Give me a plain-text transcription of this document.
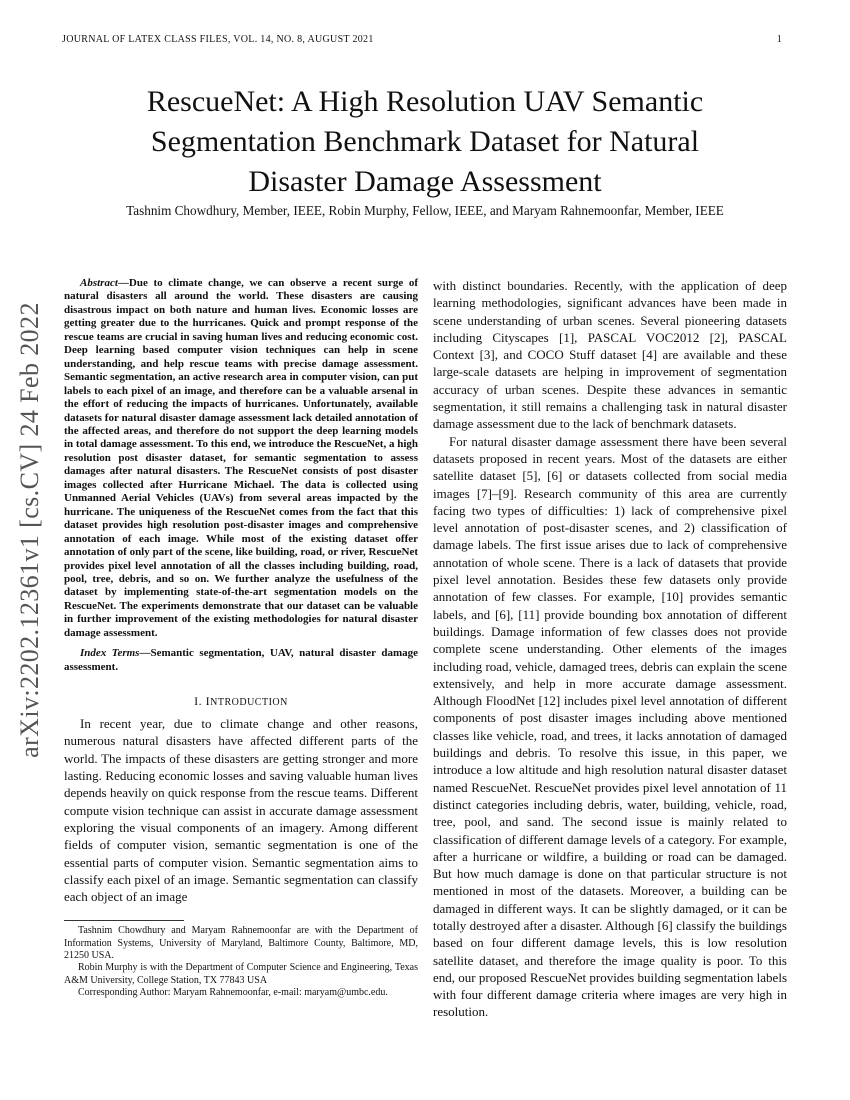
JOURNAL OF LATEX CLASS FILES, VOL. 14, NO. 8, AUGUST 2021	1
RescueNet: A High Resolution UAV Semantic
Segmentation Benchmark Dataset for Natural
Disaster Damage Assessment
Tashnim Chowdhury, Member, IEEE, Robin Murphy, Fellow, IEEE, and Maryam Rahnemoonfar, Member, IEEE
arXiv:2202.12361v1 [cs.CV] 24 Feb 2022

Abstract—Due to climate change, we can observe a recent surge of natural disasters all around the world. These disasters are causing disastrous impact on both nature and human lives. Economic losses are getting greater due to the hurricanes. Quick and prompt response of the rescue teams are crucial in saving human lives and reducing economic cost. Deep learning based computer vision techniques can help in scene understanding, and help rescue teams with precise damage assessment. Semantic segmentation, an active research area in computer vision, can put labels to each pixel of an image, and therefore can be a valuable arsenal in the effort of reducing the impacts of hurricanes. Unfortunately, available datasets for natural disaster damage assessment lack detailed annotation of the affected areas, and therefore do not support the deep learning models in total damage assessment. To this end, we introduce the RescueNet, a high resolution post disaster dataset, for semantic segmentation to assess damages after natural disasters. The RescueNet consists of post disaster images collected after Hurricane Michael. The data is collected using Unmanned Aerial Vehicles (UAVs) from several areas impacted by the hurricane. The uniqueness of the RescueNet comes from the fact that this dataset provides high resolution post-disaster images and comprehensive annotation of each image. While most of the existing dataset offer annotation of only part of the scene, like building, road, or river, RescueNet provides pixel level annotation of all the classes including building, road, pool, tree, debris, and so on. We further analyze the usefulness of the dataset by implementing state-of-the-art segmentation models on the RescueNet. The experiments demonstrate that our dataset can be valuable in further improvement of the existing methodologies for natural disaster damage assessment.

Index Terms—Semantic segmentation, UAV, natural disaster damage assessment.

I. INTRODUCTION

In recent year, due to climate change and other reasons, numerous natural disasters have affected different parts of the world. The impacts of these disasters are getting stronger and more lasting. Reducing economic losses and saving valuable human lives depends heavily on quick response from the rescue teams. Different compute vision technique can assist in accurate damage assessment exploring the visual components of an imagery. Among different fields of computer vision, semantic segmentation is one of the essential parts of computer vision. Semantic segmentation aims to classify each pixel of an image. Semantic segmentation can classify each object of an image

Tashnim Chowdhury and Maryam Rahnemoonfar are with the Department of Information Systems, University of Maryland, Baltimore County, Baltimore, MD, 21250 USA.

Robin Murphy is with the Department of Computer Science and Engineering, Texas A&M University, College Station, TX 77843 USA

Corresponding Author: Maryam Rahnemoonfar, e-mail: maryam@umbc.edu.

with distinct boundaries. Recently, with the application of deep learning methodologies, significant advances have been made in scene understanding of urban scenes. Several pioneering datasets including Cityscapes [1], PASCAL VOC2012 [2], PASCAL Context [3], and COCO Stuff dataset [4] are available and these large-scale datasets are helping in improvement of segmentation accuracy of urban scenes. Despite these advances in semantic segmentation, it still remains a challenging task in natural disaster damage assessment due to the lack of benchmark datasets.

For natural disaster damage assessment there have been several datasets proposed in recent years. Most of the datasets are either satellite dataset [5], [6] or datasets collected from social media images [7]–[9]. Research community of this area are currently facing two types of difficulties: 1) lack of comprehensive pixel level annotation of post-disaster scenes, and 2) classification of damage labels. The first issue arises due to lack of comprehensive annotation of whole scene. There is a lack of datasets that provide pixel level annotation. Besides these few datasets only provide annotation of few classes. For example, [10] provides semantic labels, and [6], [11] provide bounding box annotation of different buildings. Damage information of few classes does not provide complete scene understanding. Other elements of the images including road, vehicle, damaged trees, debris can explain the scene extensively, and help in more accurate damage assessment. Although FloodNet [12] includes pixel level annotation of different components of post disaster images including above mentioned classes like vehicle, road, and trees, it lacks annotation of damaged buildings and debris. To resolve this issue, in this paper, we introduce a low altitude and high resolution natural disaster dataset named RescueNet. RescueNet provides pixel level annotation of 11 distinct categories including debris, water, building, vehicle, road, tree, pool, and sand. The second issue is mainly related to classification of different damage levels of a category. For example, after a hurricane or wildfire, a building or road can be damaged. But how much damage is done on that particular structure is not mentioned in most of the datasets. Moreover, a building can be damaged in different ways. It can be slightly damaged, or it can be totally destroyed after a disaster. Although [6] classify the buildings based on four different damage levels, this is low resolution satellite dataset, and therefore the image quality is poor. To this end, our proposed RescueNet provides building segmentation labels with four different damage criteria where images are very high in resolution.
